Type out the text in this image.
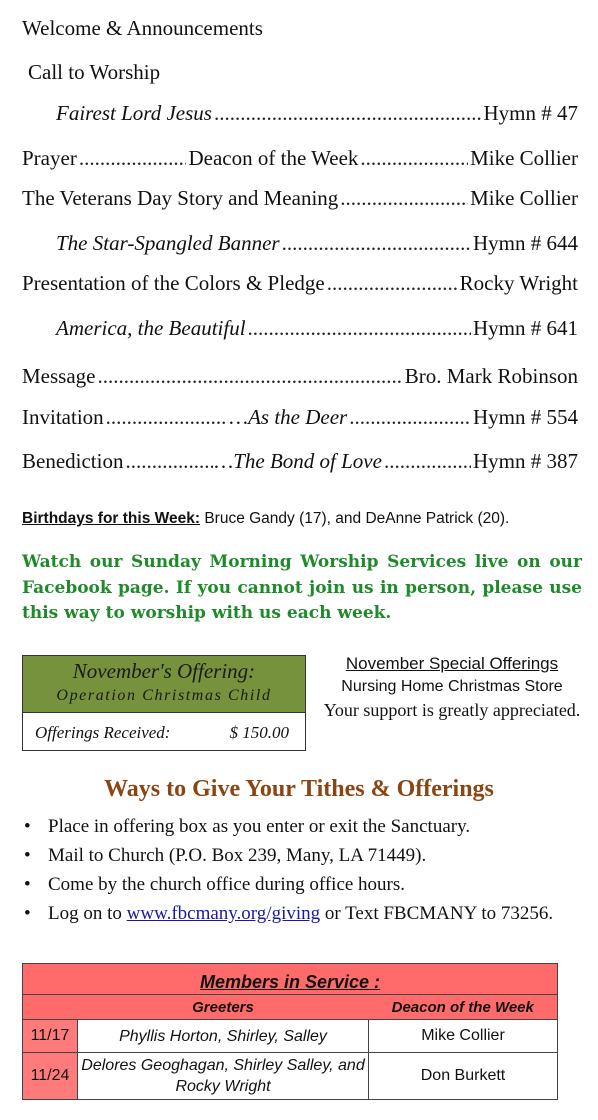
Welcome & Announcements
Call to Worship
Fairest Lord Jesus .....	Hymn # 47
Prayer .....	Deacon of the Week .....	Mike Collier
The Veterans Day Story and Meaning .....	Mike Collier
The Star-Spangled Banner .....	Hymn # 644
Presentation of the Colors & Pledge .....	Rocky Wright
America, the Beautiful .....	Hymn # 641
Message .....	Bro. Mark Robinson
Invitation .....	…As the Deer .....	Hymn # 554
Benediction .....	…The Bond of Love .....	Hymn # 387
Birthdays for this Week: Bruce Gandy (17), and DeAnne Patrick (20).
Watch our Sunday Morning Worship Services live on our Facebook page. If you cannot join us in person, please use this way to worship with us each week.
November's Offering:
Operation Christmas Child
Offerings Received:	$ 150.00
November Special Offerings
Nursing Home Christmas Store
Your support is greatly appreciated.
Ways to Give Your Tithes & Offerings
• Place in offering box as you enter or exit the Sanctuary.
• Mail to Church (P.O. Box 239, Many, LA 71449).
• Come by the church office during office hours.
• Log on to www.fbcmany.org/giving or Text FBCMANY to 73256.
Members in Service :		
	Greeters	Deacon of the Week
11/17	Phyllis Horton, Shirley, Salley	Mike Collier
11/24	Delores Geoghagan, Shirley Salley, and Rocky Wright	Don Burkett
